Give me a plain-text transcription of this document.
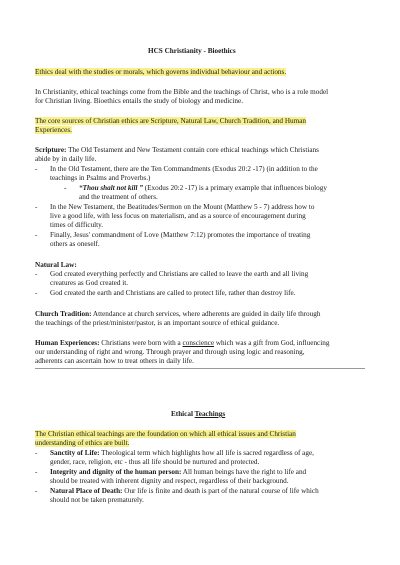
HCS Christianity - Bioethics
Ethics deal with the studies or morals, which governs individual behaviour and actions.
In Christianity, ethical teachings come from the Bible and the teachings of Christ, who is a role model
for Christian living. Bioethics entails the study of biology and medicine.
The core sources of Christian ethics are Scripture, Natural Law, Church Tradition, and Human
Experiences.
Scripture: The Old Testament and New Testament contain core ethical teachings which Christians
abide by in daily life.
- In the Old Testament, there are the Ten Commandments (Exodus 20:2 -17) (in addition to the
teachings in Psalms and Proverbs.)
- “Thou shalt not kill ” (Exodus 20:2 -17) is a primary example that influences biology
and the treatment of others.
- In the New Testament, the Beatitudes/Sermon on the Mount (Matthew 5 - 7) address how to
live a good life, with less focus on materialism, and as a source of encouragement during
times of difficulty.
- Finally, Jesus' commandment of Love (Matthew 7:12) promotes the importance of treating
others as oneself.
Natural Law:
- God created everything perfectly and Christians are called to leave the earth and all living
creatures as God created it.
- God created the earth and Christians are called to protect life, rather than destroy life.
Church Tradition: Attendance at church services, where adherents are guided in daily life through
the teachings of the priest/minister/pastor, is an important source of ethical guidance.
Human Experiences: Christians were born with a conscience which was a gift from God, influencing
our understanding of right and wrong. Through prayer and through using logic and reasoning,
adherents can ascertain how to treat others in daily life.
Ethical Teachings
The Christian ethical teachings are the foundation on which all ethical issues and Christian
understanding of ethics are built.
- Sanctity of Life: Theological term which highlights how all life is sacred regardless of age,
gender, race, religion, etc - thus all life should be nurtured and protected.
- Integrity and dignity of the human person: All human beings have the right to life and
should be treated with inherent dignity and respect, regardless of their background.
- Natural Place of Death: Our life is finite and death is part of the natural course of life which
should not be taken prematurely.
